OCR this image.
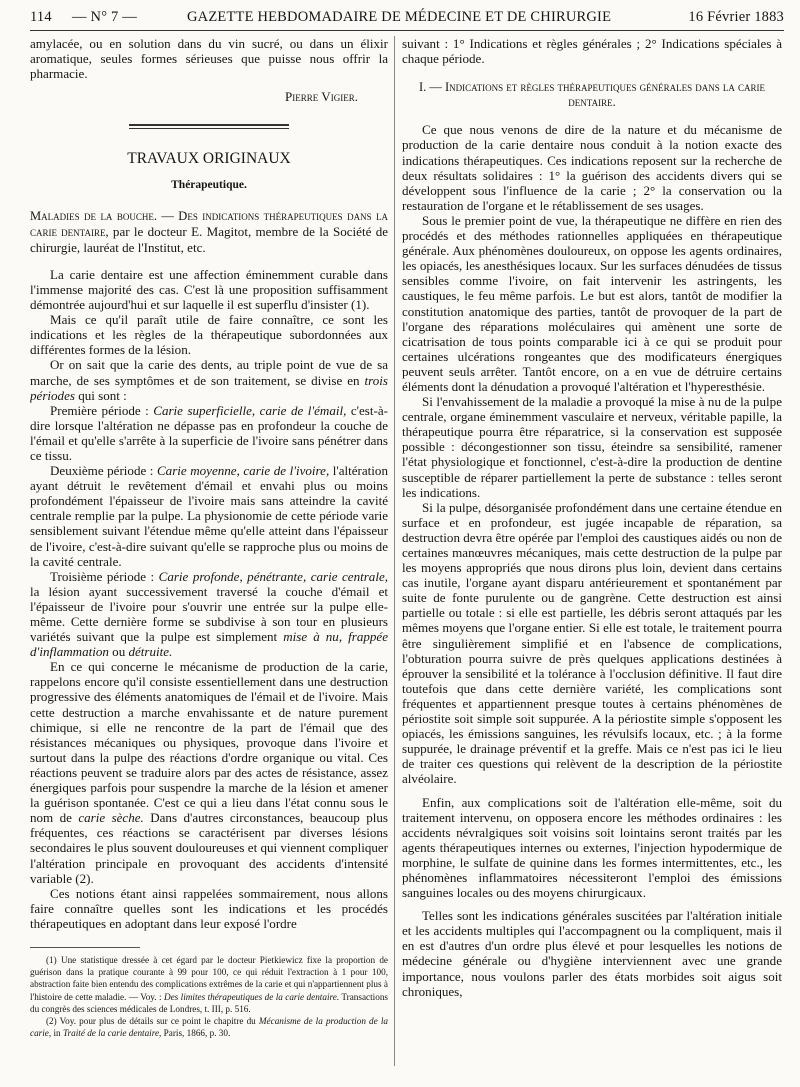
114 — N° 7 —	GAZETTE HEBDOMADAIRE DE MÉDECINE ET DE CHIRURGIE	16 Février 1883

amylacée, ou en solution dans du vin sucré, ou dans un élixir aromatique, seules formes sérieuses que puisse nous offrir la pharmacie.

Pierre Vigier.

TRAVAUX ORIGINAUX

Thérapeutique.

Maladies de la bouche. — Des indications thérapeutiques dans la carie dentaire, par le docteur E. Magitot, membre de la Société de chirurgie, lauréat de l'Institut, etc.

La carie dentaire est une affection éminemment curable dans l'immense majorité des cas. C'est là une proposition suffisamment démontrée aujourd'hui et sur laquelle il est superflu d'insister (1).

Mais ce qu'il paraît utile de faire connaître, ce sont les indications et les règles de la thérapeutique subordonnées aux différentes formes de la lésion.

Or on sait que la carie des dents, au triple point de vue de sa marche, de ses symptômes et de son traitement, se divise en trois périodes qui sont :

Première période : Carie superficielle, carie de l'émail, c'est-à-dire lorsque l'altération ne dépasse pas en profondeur la couche de l'émail et qu'elle s'arrête à la superficie de l'ivoire sans pénétrer dans ce tissu.

Deuxième période : Carie moyenne, carie de l'ivoire, l'altération ayant détruit le revêtement d'émail et envahi plus ou moins profondément l'épaisseur de l'ivoire mais sans atteindre la cavité centrale remplie par la pulpe. La physionomie de cette période varie sensiblement suivant l'étendue même qu'elle atteint dans l'épaisseur de l'ivoire, c'est-à-dire suivant qu'elle se rapproche plus ou moins de la cavité centrale.

Troisième période : Carie profonde, pénétrante, carie centrale, la lésion ayant successivement traversé la couche d'émail et l'épaisseur de l'ivoire pour s'ouvrir une entrée sur la pulpe elle-même. Cette dernière forme se subdivise à son tour en plusieurs variétés suivant que la pulpe est simplement mise à nu, frappée d'inflammation ou détruite.

En ce qui concerne le mécanisme de production de la carie, rappelons encore qu'il consiste essentiellement dans une destruction progressive des éléments anatomiques de l'émail et de l'ivoire. Mais cette destruction a marche envahissante et de nature purement chimique, si elle ne rencontre de la part de l'émail que des résistances mécaniques ou physiques, provoque dans l'ivoire et surtout dans la pulpe des réactions d'ordre organique ou vital. Ces réactions peuvent se traduire alors par des actes de résistance, assez énergiques parfois pour suspendre la marche de la lésion et amener la guérison spontanée. C'est ce qui a lieu dans l'état connu sous le nom de carie sèche. Dans d'autres circonstances, beaucoup plus fréquentes, ces réactions se caractérisent par diverses lésions secondaires le plus souvent douloureuses et qui viennent compliquer l'altération principale en provoquant des accidents d'intensité variable (2).

Ces notions étant ainsi rappelées sommairement, nous allons faire connaître quelles sont les indications et les procédés thérapeutiques en adoptant dans leur exposé l'ordre

(1) Une statistique dressée à cet égard par le docteur Pietkiewicz fixe la proportion de guérison dans la pratique courante à 99 pour 100, ce qui réduit l'extraction à 1 pour 100, abstraction faite bien entendu des complications extrêmes de la carie et qui n'appartiennent plus à l'histoire de cette maladie. — Voy. : Des limites thérapeutiques de la carie dentaire. Transactions du congrès des sciences médicales de Londres, t. III, p. 516.

(2) Voy. pour plus de détails sur ce point le chapitre du Mécanisme de la production de la carie, in Traité de la carie dentaire, Paris, 1866, p. 30.

suivant : 1° Indications et règles générales ; 2° Indications spéciales à chaque période.

I. — Indications et règles thérapeutiques générales dans la carie dentaire.

Ce que nous venons de dire de la nature et du mécanisme de production de la carie dentaire nous conduit à la notion exacte des indications thérapeutiques. Ces indications reposent sur la recherche de deux résultats solidaires : 1° la guérison des accidents divers qui se développent sous l'influence de la carie ; 2° la conservation ou la restauration de l'organe et le rétablissement de ses usages.

Sous le premier point de vue, la thérapeutique ne diffère en rien des procédés et des méthodes rationnelles appliquées en thérapeutique générale. Aux phénomènes douloureux, on oppose les agents ordinaires, les opiacés, les anesthésiques locaux. Sur les surfaces dénudées de tissus sensibles comme l'ivoire, on fait intervenir les astringents, les caustiques, le feu même parfois. Le but est alors, tantôt de modifier la constitution anatomique des parties, tantôt de provoquer de la part de l'organe des réparations moléculaires qui amènent une sorte de cicatrisation de tous points comparable ici à ce qui se produit pour certaines ulcérations rongeantes que des modificateurs énergiques peuvent seuls arrêter. Tantôt encore, on a en vue de détruire certains éléments dont la dénudation a provoqué l'altération et l'hyperesthésie.

Si l'envahissement de la maladie a provoqué la mise à nu de la pulpe centrale, organe éminemment vasculaire et nerveux, véritable papille, la thérapeutique pourra être réparatrice, si la conservation est supposée possible : décongestionner son tissu, éteindre sa sensibilité, ramener l'état physiologique et fonctionnel, c'est-à-dire la production de dentine susceptible de réparer partiellement la perte de substance : telles seront les indications.

Si la pulpe, désorganisée profondément dans une certaine étendue en surface et en profondeur, est jugée incapable de réparation, sa destruction devra être opérée par l'emploi des caustiques aidés ou non de certaines manœuvres mécaniques, mais cette destruction de la pulpe par les moyens appropriés que nous dirons plus loin, devient dans certains cas inutile, l'organe ayant disparu antérieurement et spontanément par suite de fonte purulente ou de gangrène. Cette destruction est ainsi partielle ou totale : si elle est partielle, les débris seront attaqués par les mêmes moyens que l'organe entier. Si elle est totale, le traitement pourra être singulièrement simplifié et en l'absence de complications, l'obturation pourra suivre de près quelques applications destinées à éprouver la sensibilité et la tolérance à l'occlusion définitive. Il faut dire toutefois que dans cette dernière variété, les complications sont fréquentes et appartiennent presque toutes à certains phénomènes de périostite soit simple soit suppurée. A la périostite simple s'opposent les opiacés, les émissions sanguines, les révulsifs locaux, etc. ; à la forme suppurée, le drainage préventif et la greffe. Mais ce n'est pas ici le lieu de traiter ces questions qui relèvent de la description de la périostite alvéolaire.

Enfin, aux complications soit de l'altération elle-même, soit du traitement intervenu, on opposera encore les méthodes ordinaires : les accidents névralgiques soit voisins soit lointains seront traités par les agents thérapeutiques internes ou externes, l'injection hypodermique de morphine, le sulfate de quinine dans les formes intermittentes, etc., les phénomènes inflammatoires nécessiteront l'emploi des émissions sanguines locales ou des moyens chirurgicaux.

Telles sont les indications générales suscitées par l'altération initiale et les accidents multiples qui l'accompagnent ou la compliquent, mais il en est d'autres d'un ordre plus élevé et pour lesquelles les notions de médecine générale ou d'hygiène interviennent avec une grande importance, nous voulons parler des états morbides soit aigus soit chroniques,
